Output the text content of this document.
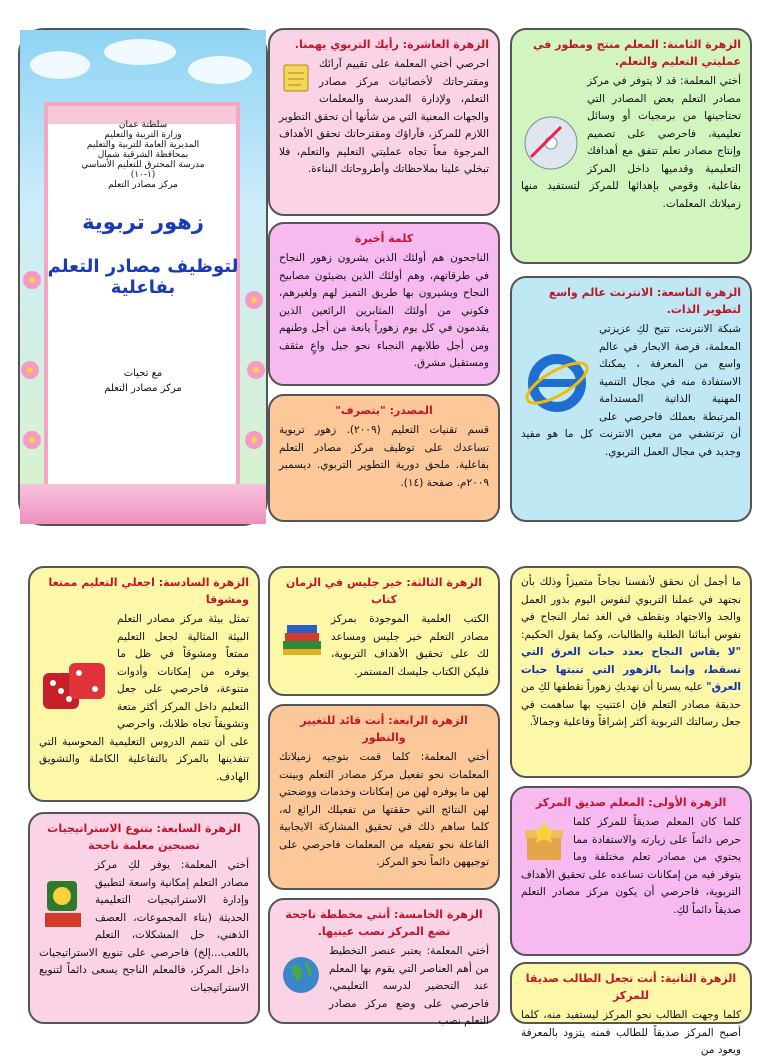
سلطنة عمان
وزارة التربية والتعليم
المديرية العامة للتربية والتعليم
بمحافظة الشرقية شمال
مدرسة المحترق للتعليم الأساسي
(١-١٠)
مركز مصادر التعلم
زهور تربوية
لتوظيف مصادر التعلم بفاعلية
مع تحيات
مركز مصادر التعلم
الزهرة العاشرة: رأيك التربوي يهمنا.

احرصي أختي المعلمة على تقييم آرائك ومقترحاتك لأخصائيات مركز مصادر التعلم، ولإدارة المدرسة والمعلمات والجهات المعنية التي من شأنها أن تحقق التطوير اللازم للمركز، فآراؤك ومقترحاتك تحقق الأهداف المرجوة معاً تجاه عمليتي التعليم والتعلم، فلا تبخلي علينا بملاحظاتك وأطروحاتك البناءة.

الزهرة الثامنة: المعلم منتج ومطور في عمليتي التعليم والتعلم.

أختي المعلمة: قد لا يتوفر في مركز مصادر التعلم بعض المصادر التي تحتاجينها من برمجيات أو وسائل تعليمية، فاحرصي على تصميم وإنتاج مصادر تعلم تتفق مع أهدافك التعليمية وقدميها داخل المركز بفاعلية، وقومي بإهدائها للمركز لتستفيد منها زميلاتك المعلمات.

كلمة أخيرة

الناجحون هم أولئك الذين يشرون زهور النجاح في طرقاتهم، وهم أولئك الذين يضيئون مصابيح النجاح ويشيرون بها طريق التميز لهم ولغيرهم، فكوني من أولئك المثابرين الرائعين الذين يقدمون في كل يوم زهوراً يانعة من أجل وطنهم ومن أجل طلابهم النجباء نحو جيل واعٍ مثقف ومستقبل مشرق.

الزهرة التاسعة: الانترنت عالم واسع لتطوير الذات.

شبكة الانترنت، تتيح لكِ عزيزتي المعلمة، فرصة الابحار في عالم واسع من المعرفة ، يمكنك الاستفادة منه في مجال التنمية المهنية الذاتية المستدامة المرتبطة بعملك فاحرصي على أن ترتشفي من معين الانترنت كل ما هو مفيد وجديد في مجال العمل التربوي.

المصدر: "بتصرف"

قسم تقنيات التعليم (٢٠٠٩). زهور تربوية تساعدك على توظيف مركز مصادر التعلم بفاعلية. ملحق دورية التطوير التربوي. ديسمبر ٢٠٠٩م. صفحة (١٤).

الزهرة السادسة: اجعلي التعليم ممتعا ومشوقا

تمثل بيئة مركز مصادر التعلم البيئة المثالية لجعل التعليم ممتعاً ومشوقاً في ظل ما يوفره من إمكانات وأدوات متنوعة، فاحرصي على جعل التعليم داخل المركز أكثر متعة وتشويقاً تجاه طلابك، واحرصي على أن تتمم الدروس التعليمية المحوسبة التي تنفذينها بالمركز بالتفاعلية الكاملة والتشويق الهادف.

الزهرة الثالثة: خير جليس في الزمان كتاب

الكتب العلمية الموجودة بمركز مصادر التعلم خير جليس ومساعد لك على تحقيق الأهداف التربوية، فليكن الكتاب جليسك المستمر.

ما أجمل أن نحقق لأنفسنا نجاحاً متميزاً وذلك بأن نجتهد في عملنا التربوي لنفوس اليوم بذور العمل والجد والاجتهاد ونقطف في الغد ثمار النجاح في نفوس أبنائنا الطلبة والطالبات، وكما يقول الحكيم: "لا يقاس النجاح بعدد حبات العرق التي تسقط، وإنما بالزهور التي تنبتها حبات العرق" عليه يسرنا أن نهديكِ زهوراً نقطفها لكِ من حديقة مصادر التعلم فإن اعتنيتِ بها ساهمت في جعل رسالتك التربوية أكثر إشراقاً وفاعلية وجمالاً.

الزهرة الرابعة: أنت قائد للتغيير والتطور

أختي المعلمة: كلما قمت بتوجيه زميلاتك المعلمات نحو تفعيل مركز مصادر التعلم وبينت لهن ما يوفره لهن من إمكانات وخدمات ووضحتي لهن النتائج التي حققتها من تفعيلك الرائع له، كلما ساهم ذلك في تحقيق المشاركة الايجابية الفاعلة نحو تفعيله من المعلمات فاحرصي على توجيههن دائماً نحو المركز.

الزهرة الأولى: المعلم صديق المركز

كلما كان المعلم صديقاً للمركز كلما حرص دائماً على زيارته والاستفادة مما يحتوي من مصادر تعلم مختلفة وما يتوفر فيه من إمكانات تساعده على تحقيق الأهداف التربوية، فاحرصي أن يكون مركز مصادر التعلم صديقاً دائماً لكِ.

الزهرة السابعة: بتنوع الاستراتيجيات تصبحين معلمة ناجحة

أختي المعلمة: يوفر لكِ مركز مصادر التعلم إمكانية واسعة لتطبيق وإدارة الاستراتيجيات التعليمية الحديثة (بناء المجموعات، العصف الذهني، حل المشكلات، التعلم باللعب...إلخ) فاحرصي على تنويع الاستراتيجيات داخل المركز، فالمعلم الناجح يسعى دائماً لتنويع الاستراتيجيات

الزهرة الخامسة: أنتي مخططة ناجحة تضع المركز نصب عينيها.

أختي المعلمة: يعتبر عنصر التخطيط من أهم العناصر التي يقوم بها المعلم عند التحضير لدرسه التعليمي، فاحرصي على وضع مركز مصادر التعلم نصب

الزهرة الثانية: أنت تجعل الطالب صديقا للمركز

كلما وجهت الطالب نحو المركز ليستفيد منه، كلما أصبح المركز صديقاً للطالب فمنه يتزود بالمعرفة ويعود من
